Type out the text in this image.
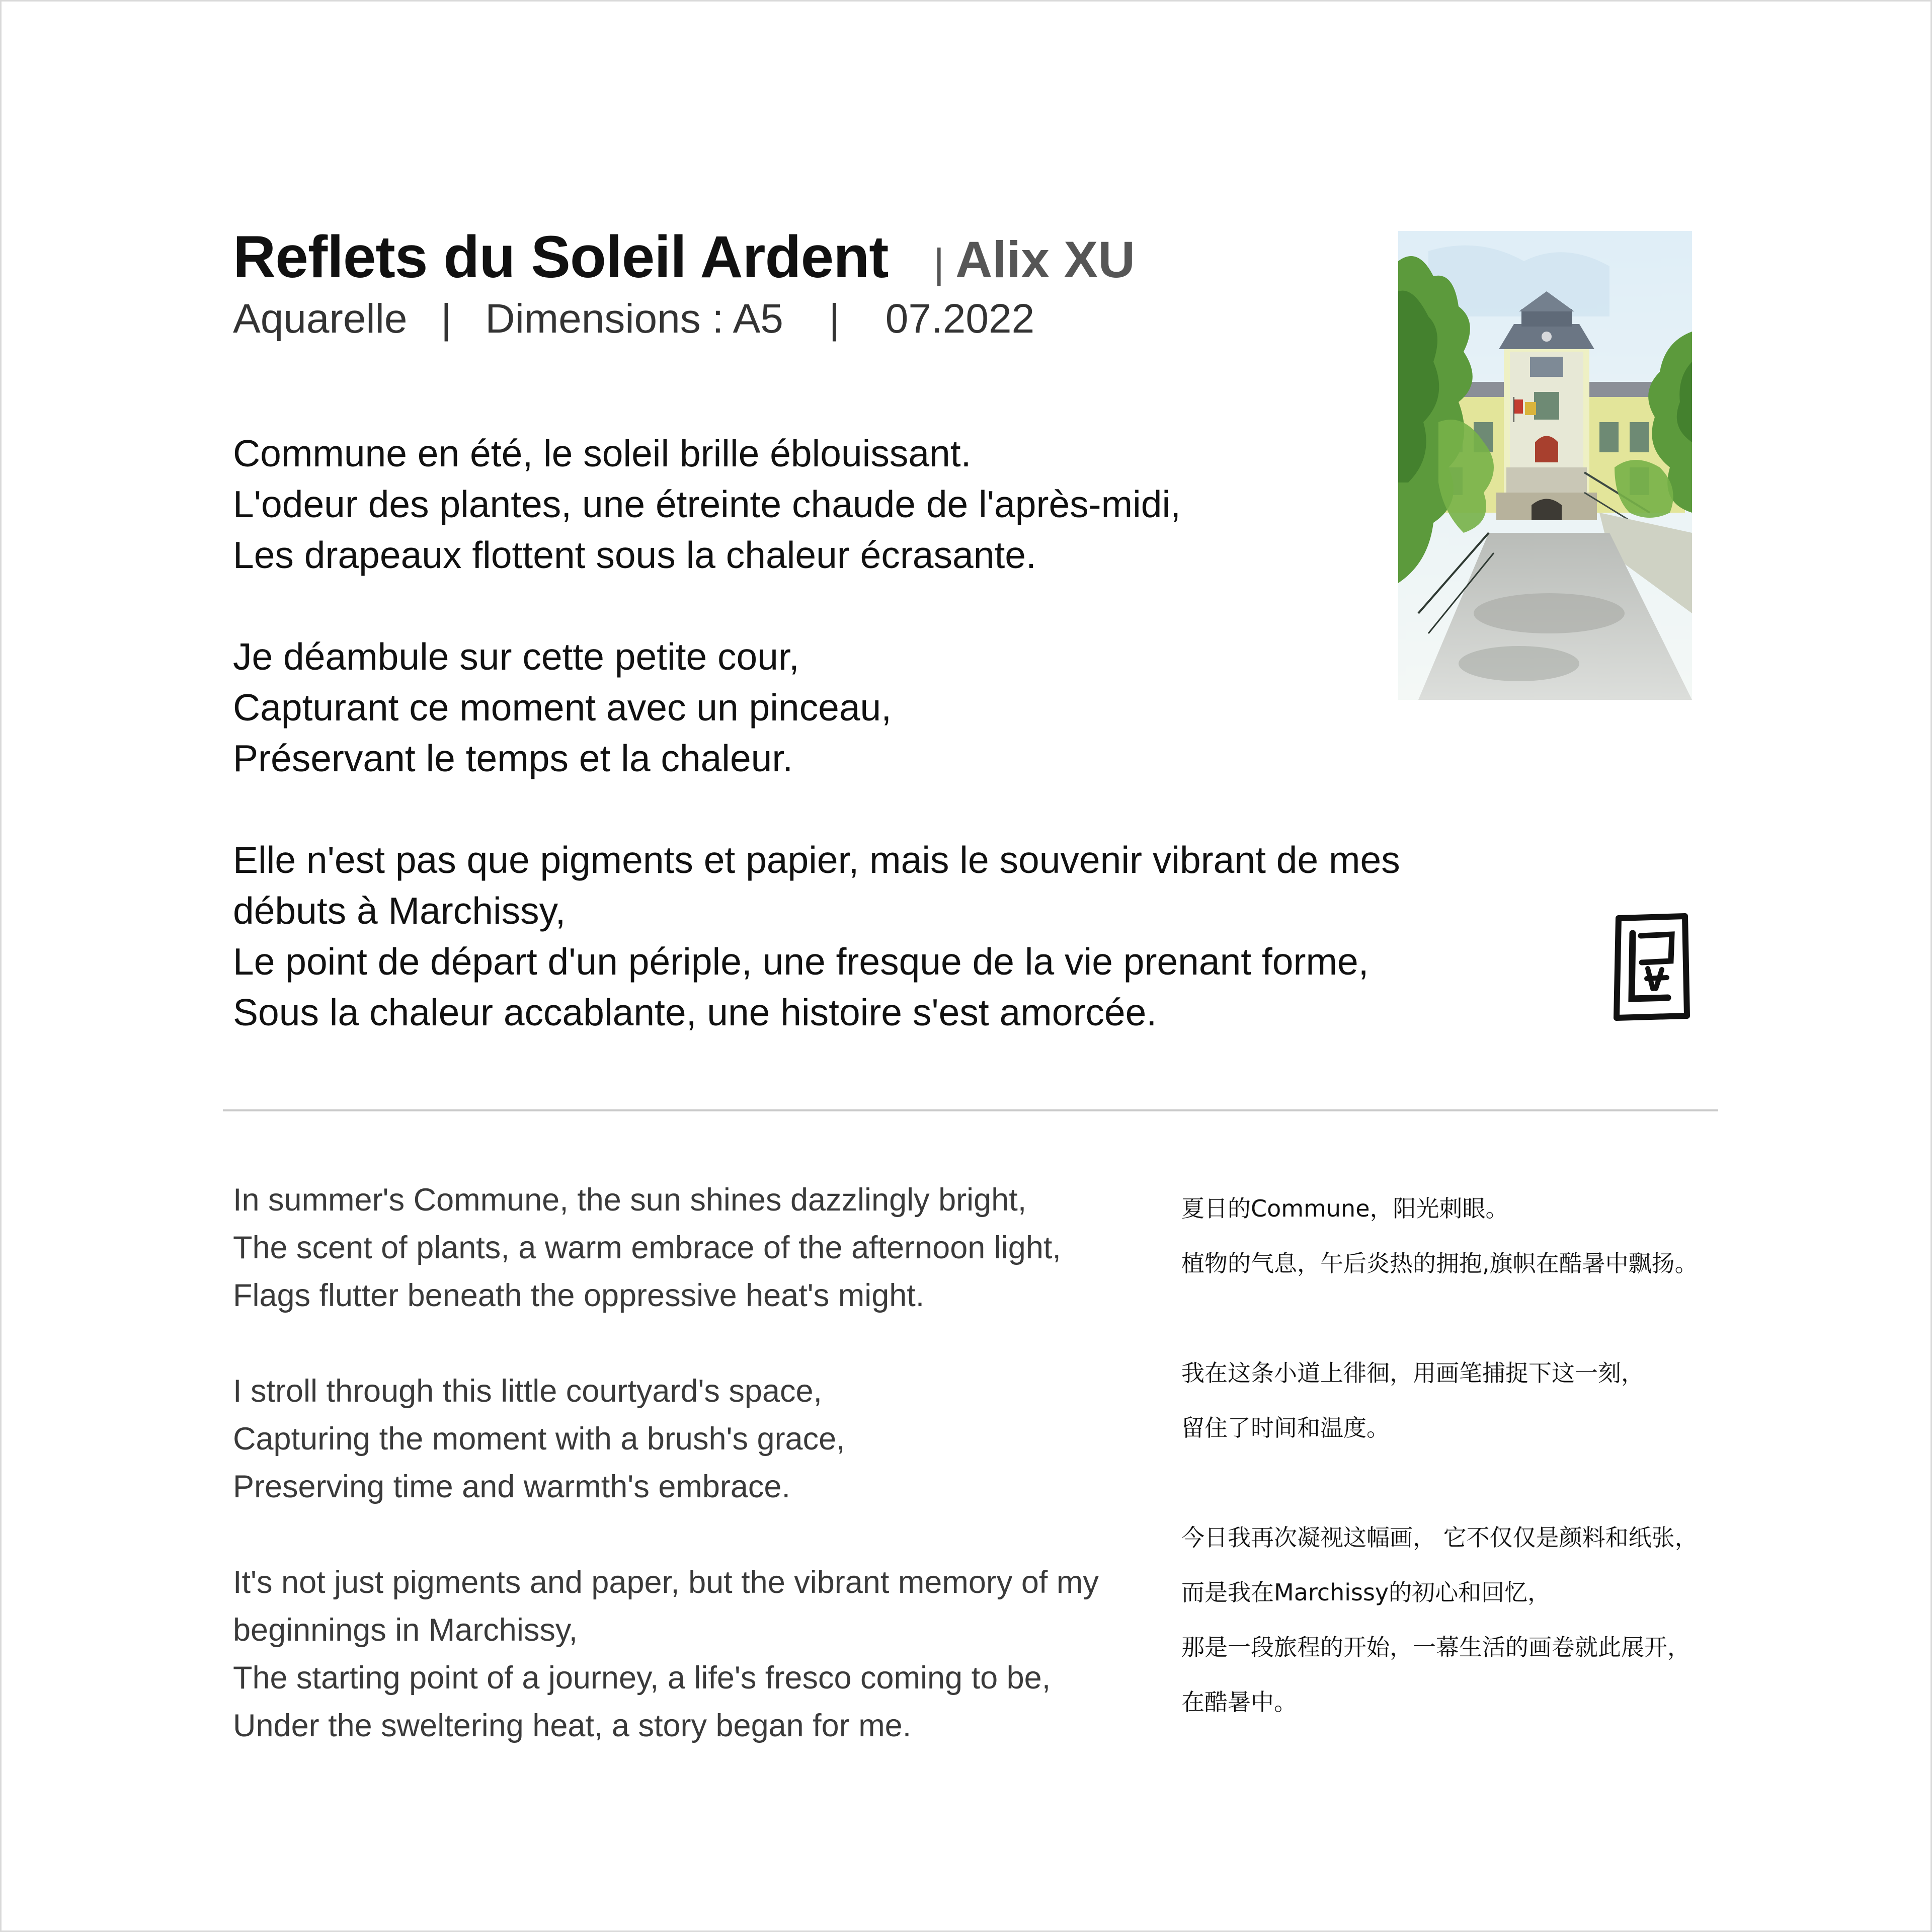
Reflets du Soleil Ardent | Alix XU
Aquarelle | Dimensions : A5 | 07.2022
Commune en été, le soleil brille éblouissant.
L'odeur des plantes, une étreinte chaude de l'après-midi,
Les drapeaux flottent sous la chaleur écrasante.
Je déambule sur cette petite cour,
Capturant ce moment avec un pinceau,
Préservant le temps et la chaleur.
Elle n'est pas que pigments et papier, mais le souvenir vibrant de mes
débuts à Marchissy,
Le point de départ d'un périple, une fresque de la vie prenant forme,
Sous la chaleur accablante, une histoire s'est amorcée.
In summer's Commune, the sun shines dazzlingly bright,
The scent of plants, a warm embrace of the afternoon light,
Flags flutter beneath the oppressive heat's might.
I stroll through this little courtyard's space,
Capturing the moment with a brush's grace,
Preserving time and warmth's embrace.
It's not just pigments and paper, but the vibrant memory of my
beginnings in Marchissy,
The starting point of a journey, a life's fresco coming to be,
Under the sweltering heat, a story began for me.
夏日的Commune，阳光刺眼。
植物的气息，午后炎热的拥抱,旗帜在酷暑中飘扬。
我在这条小道上徘徊，用画笔捕捉下这一刻，
留住了时间和温度。
今日我再次凝视这幅画， 它不仅仅是颜料和纸张，
而是我在Marchissy的初心和回忆，
那是一段旅程的开始，一幕生活的画卷就此展开，
在酷暑中。
